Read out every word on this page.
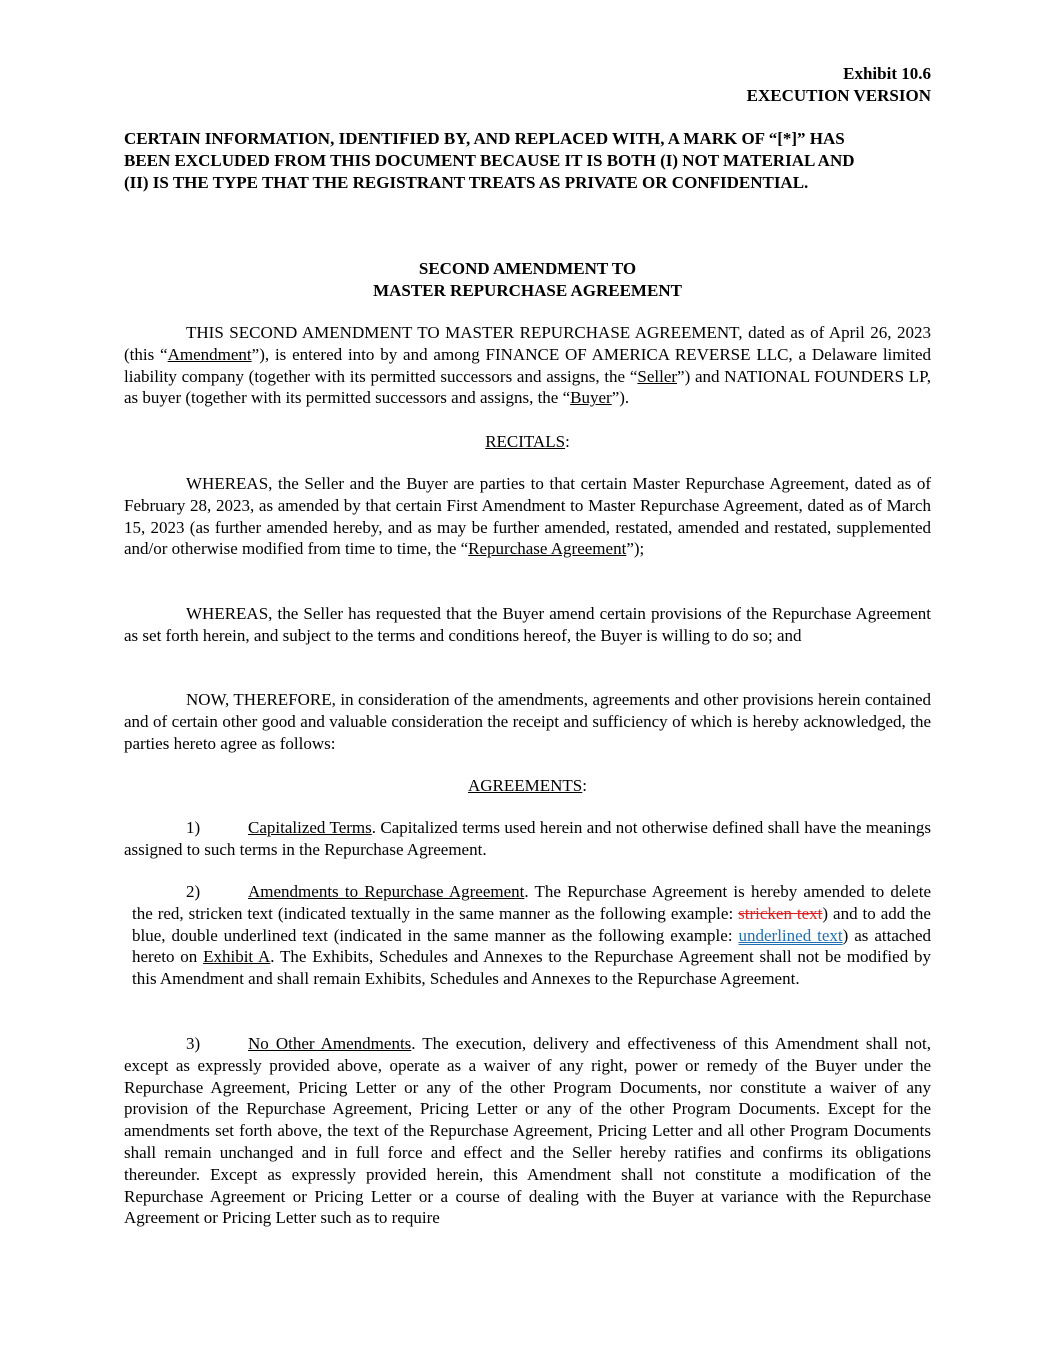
Exhibit 10.6
EXECUTION VERSION
CERTAIN INFORMATION, IDENTIFIED BY, AND REPLACED WITH, A MARK OF “[*]” HAS
BEEN EXCLUDED FROM THIS DOCUMENT BECAUSE IT IS BOTH (I) NOT MATERIAL AND
(II) IS THE TYPE THAT THE REGISTRANT TREATS AS PRIVATE OR CONFIDENTIAL.
SECOND AMENDMENT TO
MASTER REPURCHASE AGREEMENT

THIS SECOND AMENDMENT TO MASTER REPURCHASE AGREEMENT, dated as of April 26, 2023 (this “Amendment”), is entered into by and among FINANCE OF AMERICA REVERSE LLC, a Delaware limited liability company (together with its permitted successors and assigns, the “Seller”) and NATIONAL FOUNDERS LP, as buyer (together with its permitted successors and assigns, the “Buyer”).

RECITALS:

WHEREAS, the Seller and the Buyer are parties to that certain Master Repurchase Agreement, dated as of February 28, 2023, as amended by that certain First Amendment to Master Repurchase Agreement, dated as of March 15, 2023 (as further amended hereby, and as may be further amended, restated, amended and restated, supplemented and/or otherwise modified from time to time, the “Repurchase Agreement”);

WHEREAS, the Seller has requested that the Buyer amend certain provisions of the Repurchase Agreement as set forth herein, and subject to the terms and conditions hereof, the Buyer is willing to do so; and

NOW, THEREFORE, in consideration of the amendments, agreements and other provisions herein contained and of certain other good and valuable consideration the receipt and sufficiency of which is hereby acknowledged, the parties hereto agree as follows:

AGREEMENTS:

1)	Capitalized Terms. Capitalized terms used herein and not otherwise defined shall have the meanings assigned to such terms in the Repurchase Agreement.

2)	Amendments to Repurchase Agreement. The Repurchase Agreement is hereby amended to delete the red, stricken text (indicated textually in the same manner as the following example: stricken text) and to add the blue, double underlined text (indicated in the same manner as the following example: underlined text) as attached hereto on Exhibit A. The Exhibits, Schedules and Annexes to the Repurchase Agreement shall not be modified by this Amendment and shall remain Exhibits, Schedules and Annexes to the Repurchase Agreement.

3)	No Other Amendments. The execution, delivery and effectiveness of this Amendment shall not, except as expressly provided above, operate as a waiver of any right, power or remedy of the Buyer under the Repurchase Agreement, Pricing Letter or any of the other Program Documents, nor constitute a waiver of any provision of the Repurchase Agreement, Pricing Letter or any of the other Program Documents. Except for the amendments set forth above, the text of the Repurchase Agreement, Pricing Letter and all other Program Documents shall remain unchanged and in full force and effect and the Seller hereby ratifies and confirms its obligations thereunder. Except as expressly provided herein, this Amendment shall not constitute a modification of the Repurchase Agreement or Pricing Letter or a course of dealing with the Buyer at variance with the Repurchase Agreement or Pricing Letter such as to require
